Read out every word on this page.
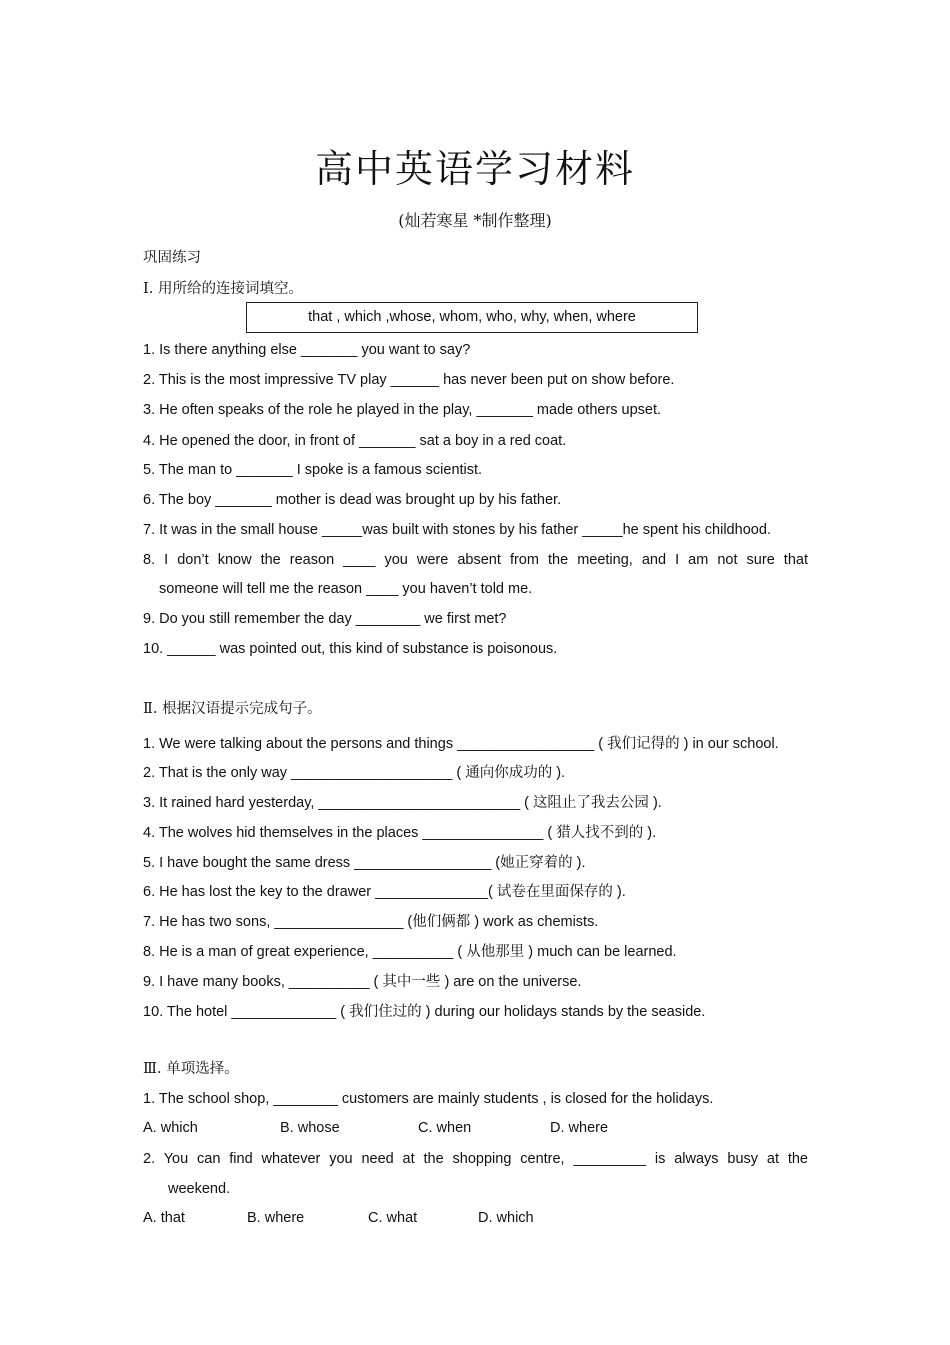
高中英语学习材料
(灿若寒星 *制作整理)
巩固练习
Ⅰ. 用所给的连接词填空。
that , which ,whose, whom, who, why, when, where
1. Is there anything else _______ you want to say?
2. This is the most impressive TV play ______ has never been put on show before.
3. He often speaks of the role he played in the play, _______ made others upset.
4. He opened the door, in front of _______ sat a boy in a red coat.
5. The man to _______ I spoke is a famous scientist.
6. The boy _______ mother is dead was brought up by his father.
7. It was in the small house _____was built with stones by his father _____he spent his childhood.
8. I don’t know the reason ____ you were absent from the meeting, and I am not sure that
someone will tell me the reason ____ you haven’t told me.
9. Do you still remember the day ________ we first met?
10. ______ was pointed out, this kind of substance is poisonous.
Ⅱ. 根据汉语提示完成句子。
1. We were talking about the persons and things _________________ ( 我们记得的 ) in our school.
2. That is the only way ____________________ ( 通向你成功的 ).
3. It rained hard yesterday, _________________________ ( 这阻止了我去公园 ).
4. The wolves hid themselves in the places _______________ ( 猎人找不到的 ).
5. I have bought the same dress _________________ (她正穿着的 ).
6. He has lost the key to the drawer ______________( 试卷在里面保存的 ).
7. He has two sons, ________________ (他们俩都 ) work as chemists.
8. He is a man of great experience, __________ ( 从他那里 ) much can be learned.
9. I have many books, __________ ( 其中一些 ) are on the universe.
10. The hotel _____________ ( 我们住过的 ) during our holidays stands by the seaside.
Ⅲ. 单项选择。
1. The school shop, ________ customers are mainly students , is closed for the holidays.
A. which	B. whose	C. when	D. where
2. You can find whatever you need at the shopping centre, _________ is always busy at the
weekend.
A. that	B. where	C. what	D. which
